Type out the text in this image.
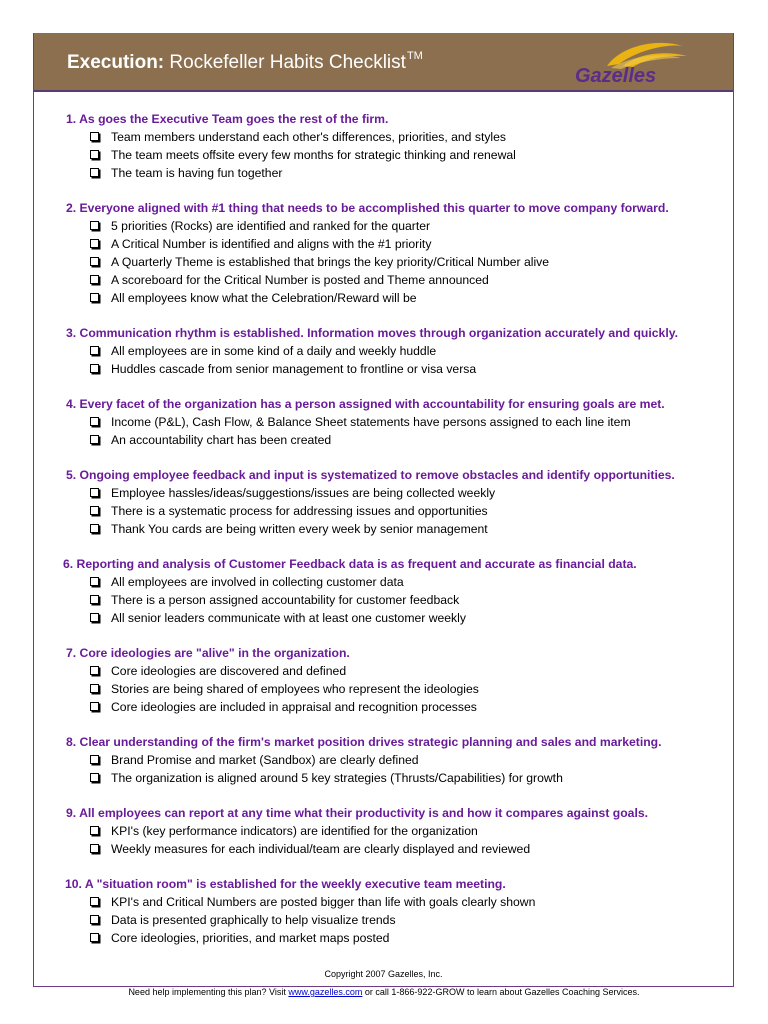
Execution: Rockefeller Habits Checklist™
Gazelles
1. As goes the Executive Team goes the rest of the firm.
Team members understand each other's differences, priorities, and styles
The team meets offsite every few months for strategic thinking and renewal
The team is having fun together
2. Everyone aligned with #1 thing that needs to be accomplished this quarter to move company forward.
5 priorities (Rocks) are identified and ranked for the quarter
A Critical Number is identified and aligns with the #1 priority
A Quarterly Theme is established that brings the key priority/Critical Number alive
A scoreboard for the Critical Number is posted and Theme announced
All employees know what the Celebration/Reward will be
3. Communication rhythm is established. Information moves through organization accurately and quickly.
All employees are in some kind of a daily and weekly huddle
Huddles cascade from senior management to frontline or visa versa
4. Every facet of the organization has a person assigned with accountability for ensuring goals are met.
Income (P&L), Cash Flow, & Balance Sheet statements have persons assigned to each line item
An accountability chart has been created
5. Ongoing employee feedback and input is systematized to remove obstacles and identify opportunities.
Employee hassles/ideas/suggestions/issues are being collected weekly
There is a systematic process for addressing issues and opportunities
Thank You cards are being written every week by senior management
6. Reporting and analysis of Customer Feedback data is as frequent and accurate as financial data.
All employees are involved in collecting customer data
There is a person assigned accountability for customer feedback
All senior leaders communicate with at least one customer weekly
7. Core ideologies are "alive" in the organization.
Core ideologies are discovered and defined
Stories are being shared of employees who represent the ideologies
Core ideologies are included in appraisal and recognition processes
8. Clear understanding of the firm's market position drives strategic planning and sales and marketing.
Brand Promise and market (Sandbox) are clearly defined
The organization is aligned around 5 key strategies (Thrusts/Capabilities) for growth
9. All employees can report at any time what their productivity is and how it compares against goals.
KPI's (key performance indicators) are identified for the organization
Weekly measures for each individual/team are clearly displayed and reviewed
10. A "situation room" is established for the weekly executive team meeting.
KPI's and Critical Numbers are posted bigger than life with goals clearly shown
Data is presented graphically to help visualize trends
Core ideologies, priorities, and market maps posted
Copyright 2007 Gazelles, Inc.
Need help implementing this plan? Visit www.gazelles.com or call 1-866-922-GROW to learn about Gazelles Coaching Services.
